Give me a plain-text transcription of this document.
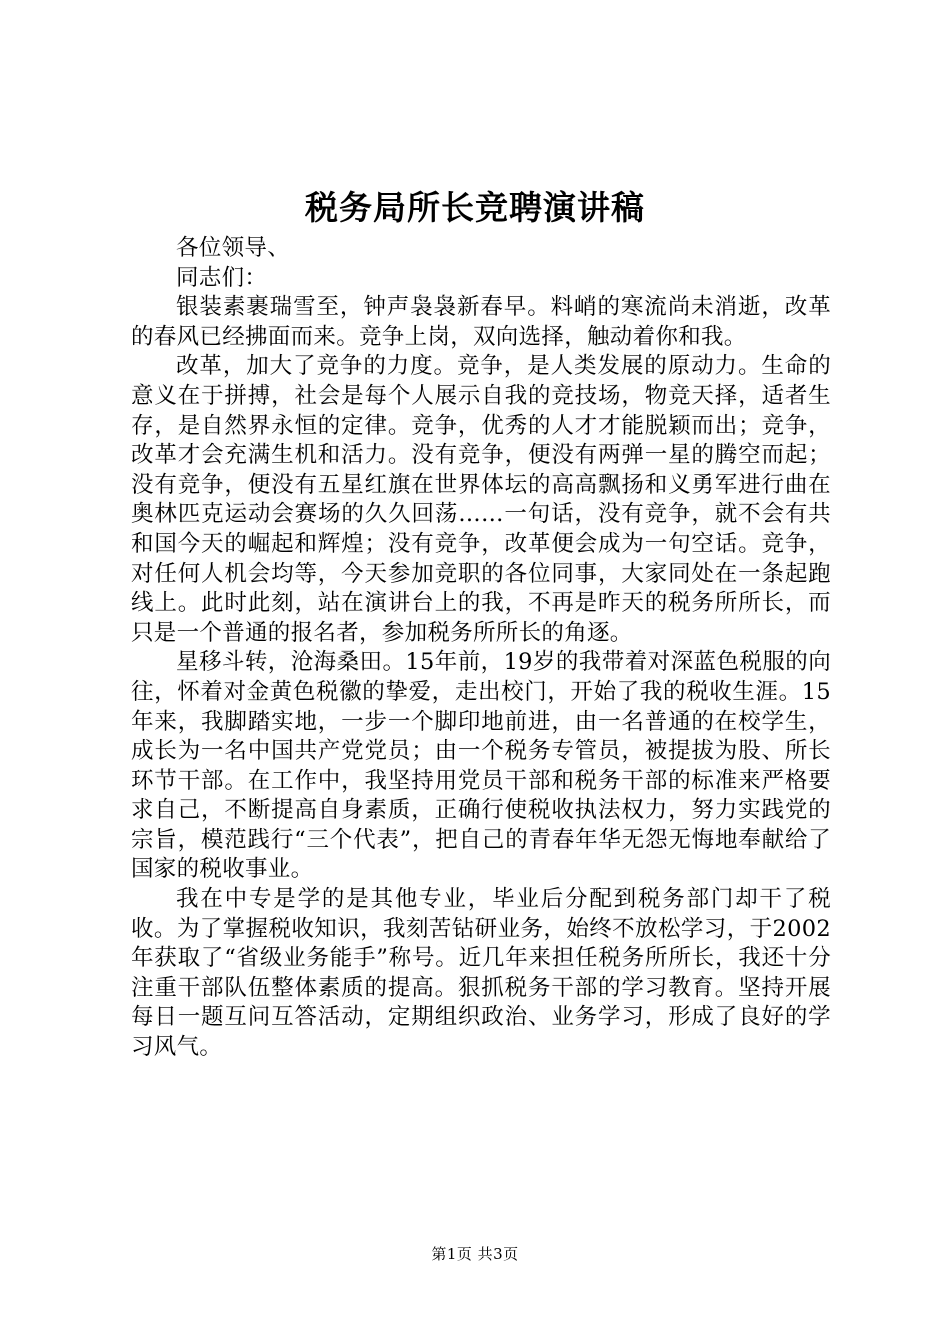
税务局所长竞聘演讲稿

各位领导、

同志们：

银装素裹瑞雪至，钟声袅袅新春早。料峭的寒流尚未消逝，改革的春风已经拂面而来。竞争上岗，双向选择，触动着你和我。

改革，加大了竞争的力度。竞争，是人类发展的原动力。生命的意义在于拼搏，社会是每个人展示自我的竞技场，物竞天择，适者生存，是自然界永恒的定律。竞争，优秀的人才才能脱颖而出；竞争，改革才会充满生机和活力。没有竞争，便没有两弹一星的腾空而起；没有竞争，便没有五星红旗在世界体坛的高高飘扬和义勇军进行曲在奥林匹克运动会赛场的久久回荡……一句话，没有竞争，就不会有共和国今天的崛起和辉煌；没有竞争，改革便会成为一句空话。竞争，对任何人机会均等，今天参加竞职的各位同事，大家同处在一条起跑线上。此时此刻，站在演讲台上的我，不再是昨天的税务所所长，而只是一个普通的报名者，参加税务所所长的角逐。

星移斗转，沧海桑田。15年前，19岁的我带着对深蓝色税服的向往，怀着对金黄色税徽的挚爱，走出校门，开始了我的税收生涯。15年来，我脚踏实地，一步一个脚印地前进，由一名普通的在校学生，成长为一名中国共产党党员；由一个税务专管员，被提拔为股、所长环节干部。在工作中，我坚持用党员干部和税务干部的标准来严格要求自己，不断提高自身素质，正确行使税收执法权力，努力实践党的宗旨，模范践行“三个代表”，把自己的青春年华无怨无悔地奉献给了国家的税收事业。

我在中专是学的是其他专业，毕业后分配到税务部门却干了税收。为了掌握税收知识，我刻苦钻研业务，始终不放松学习，于2002年获取了“省级业务能手”称号。近几年来担任税务所所长，我还十分注重干部队伍整体素质的提高。狠抓税务干部的学习教育。坚持开展每日一题互问互答活动，定期组织政治、业务学习，形成了良好的学习风气。

第1页 共3页
